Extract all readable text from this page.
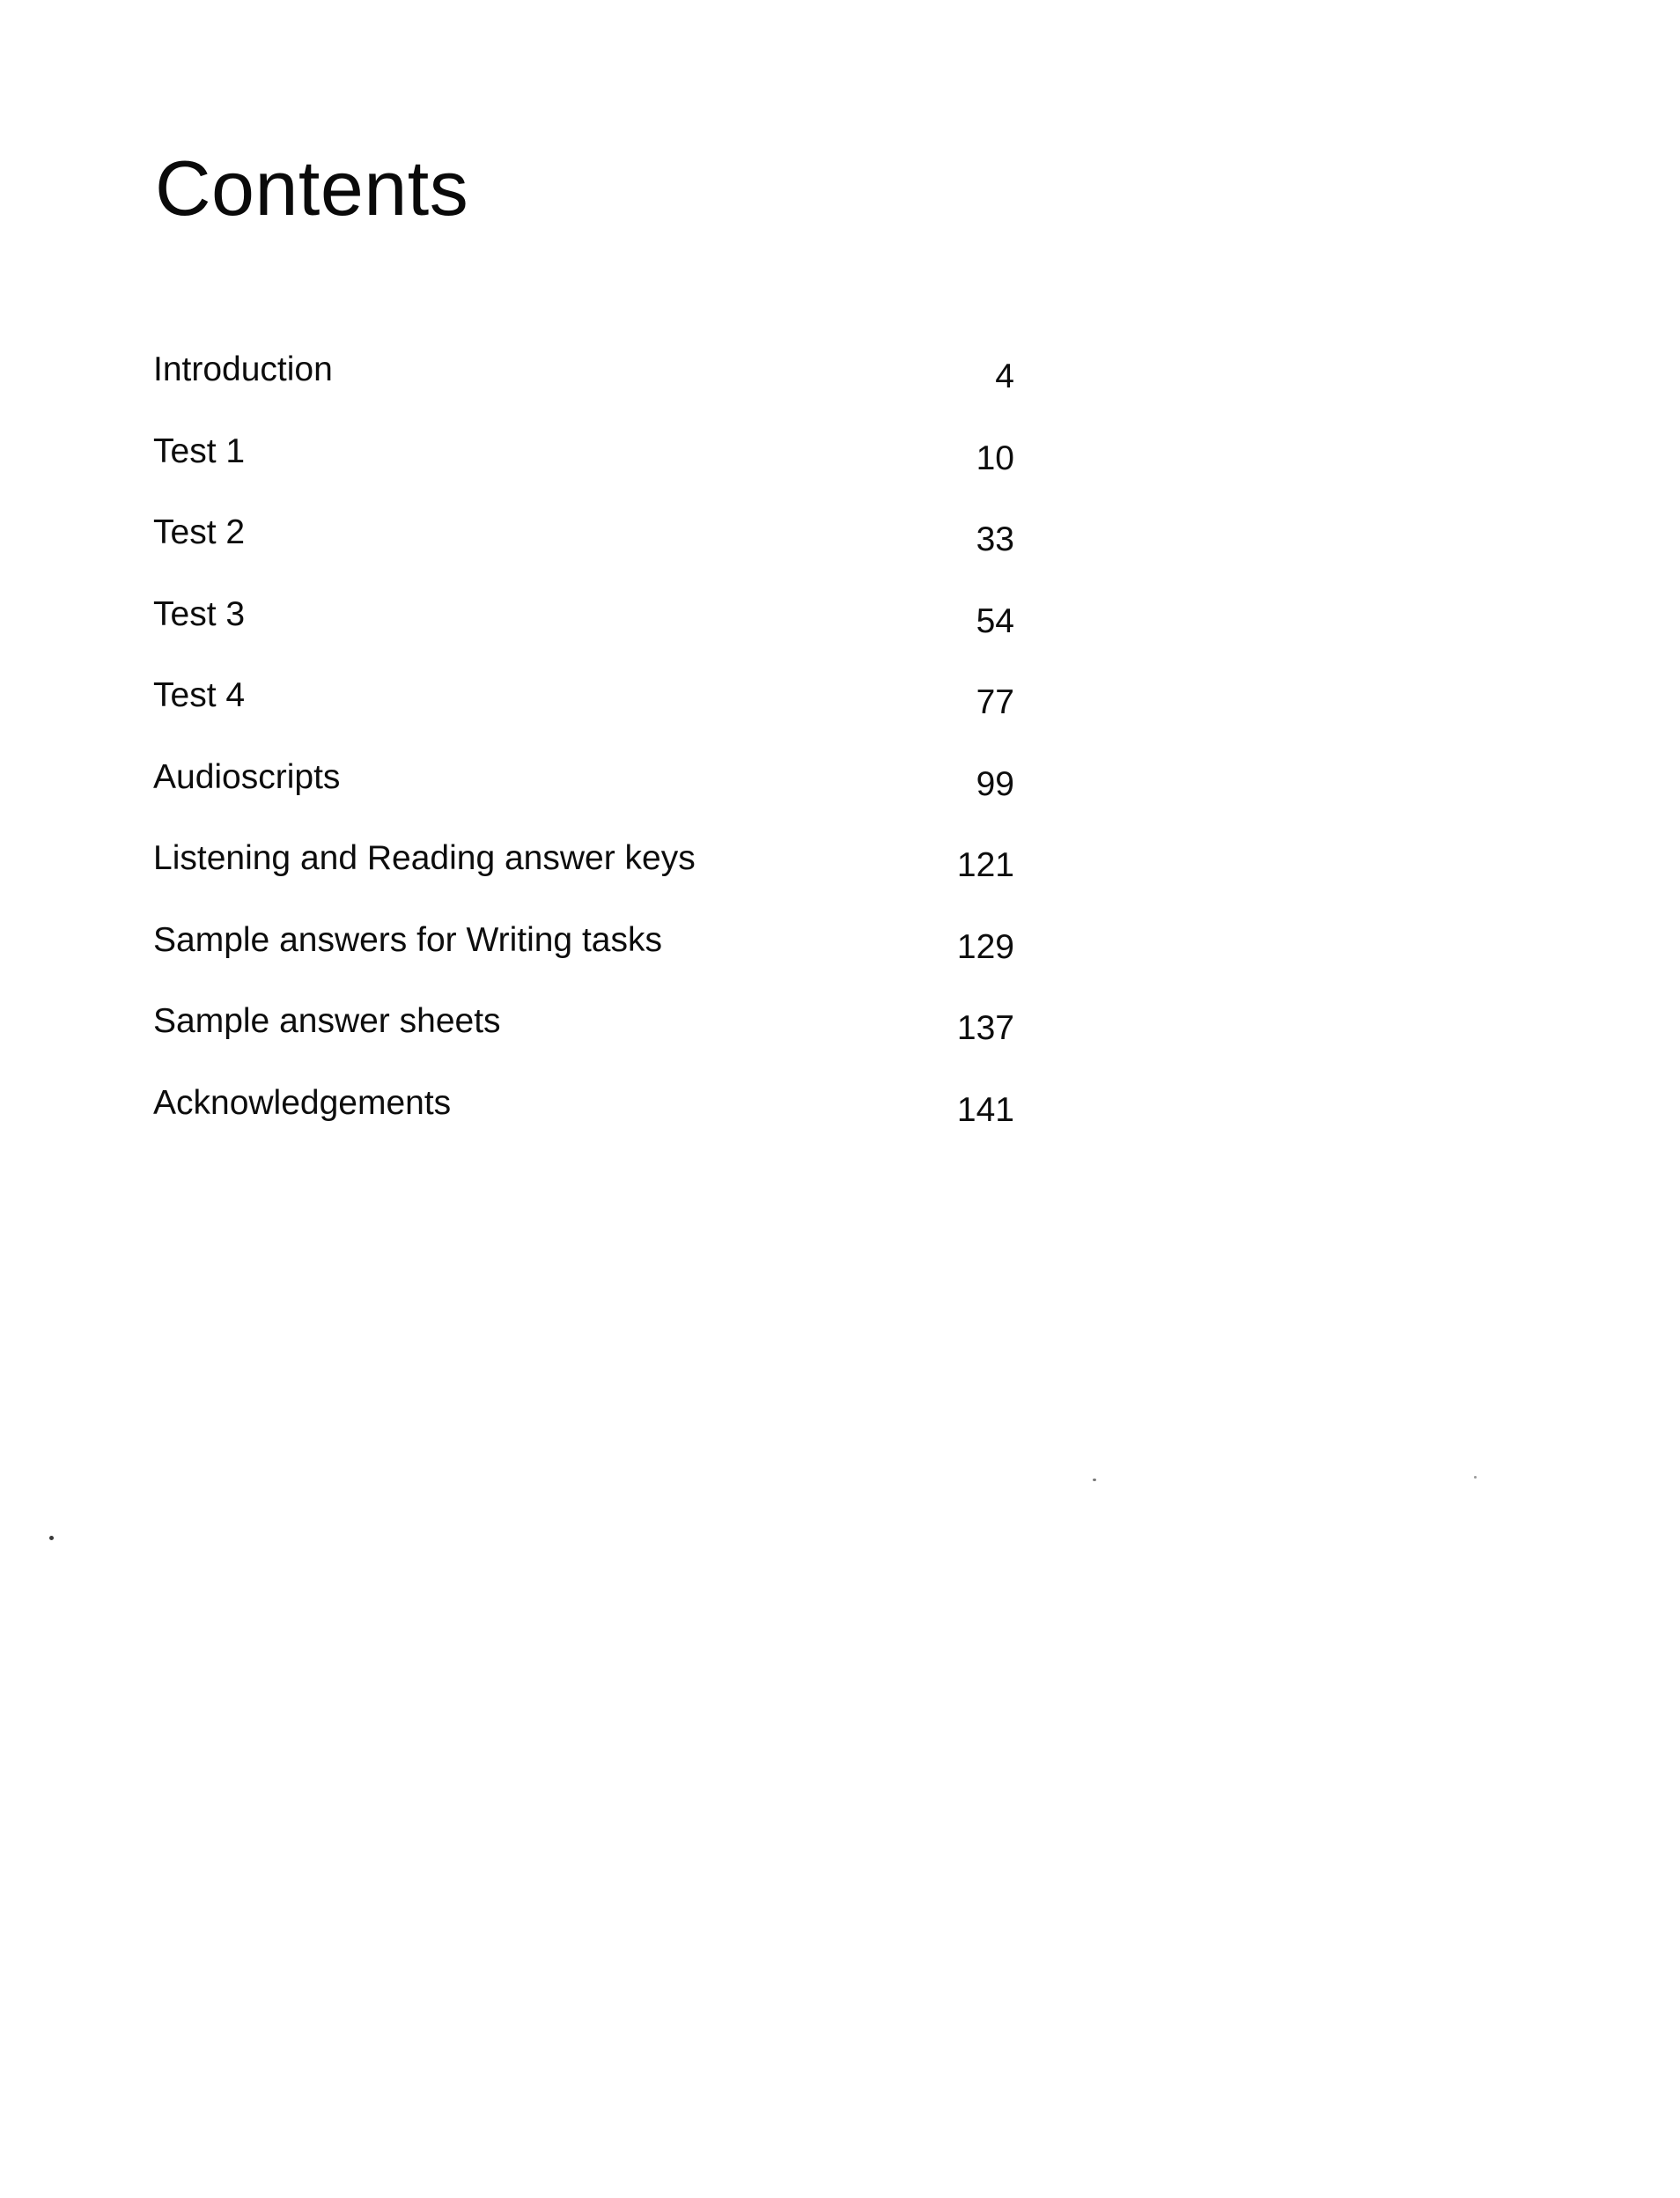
Contents
Introduction	4
Test 1	10
Test 2	33
Test 3	54
Test 4	77
Audioscripts	99
Listening and Reading answer keys	121
Sample answers for Writing tasks	129
Sample answer sheets	137
Acknowledgements	141
